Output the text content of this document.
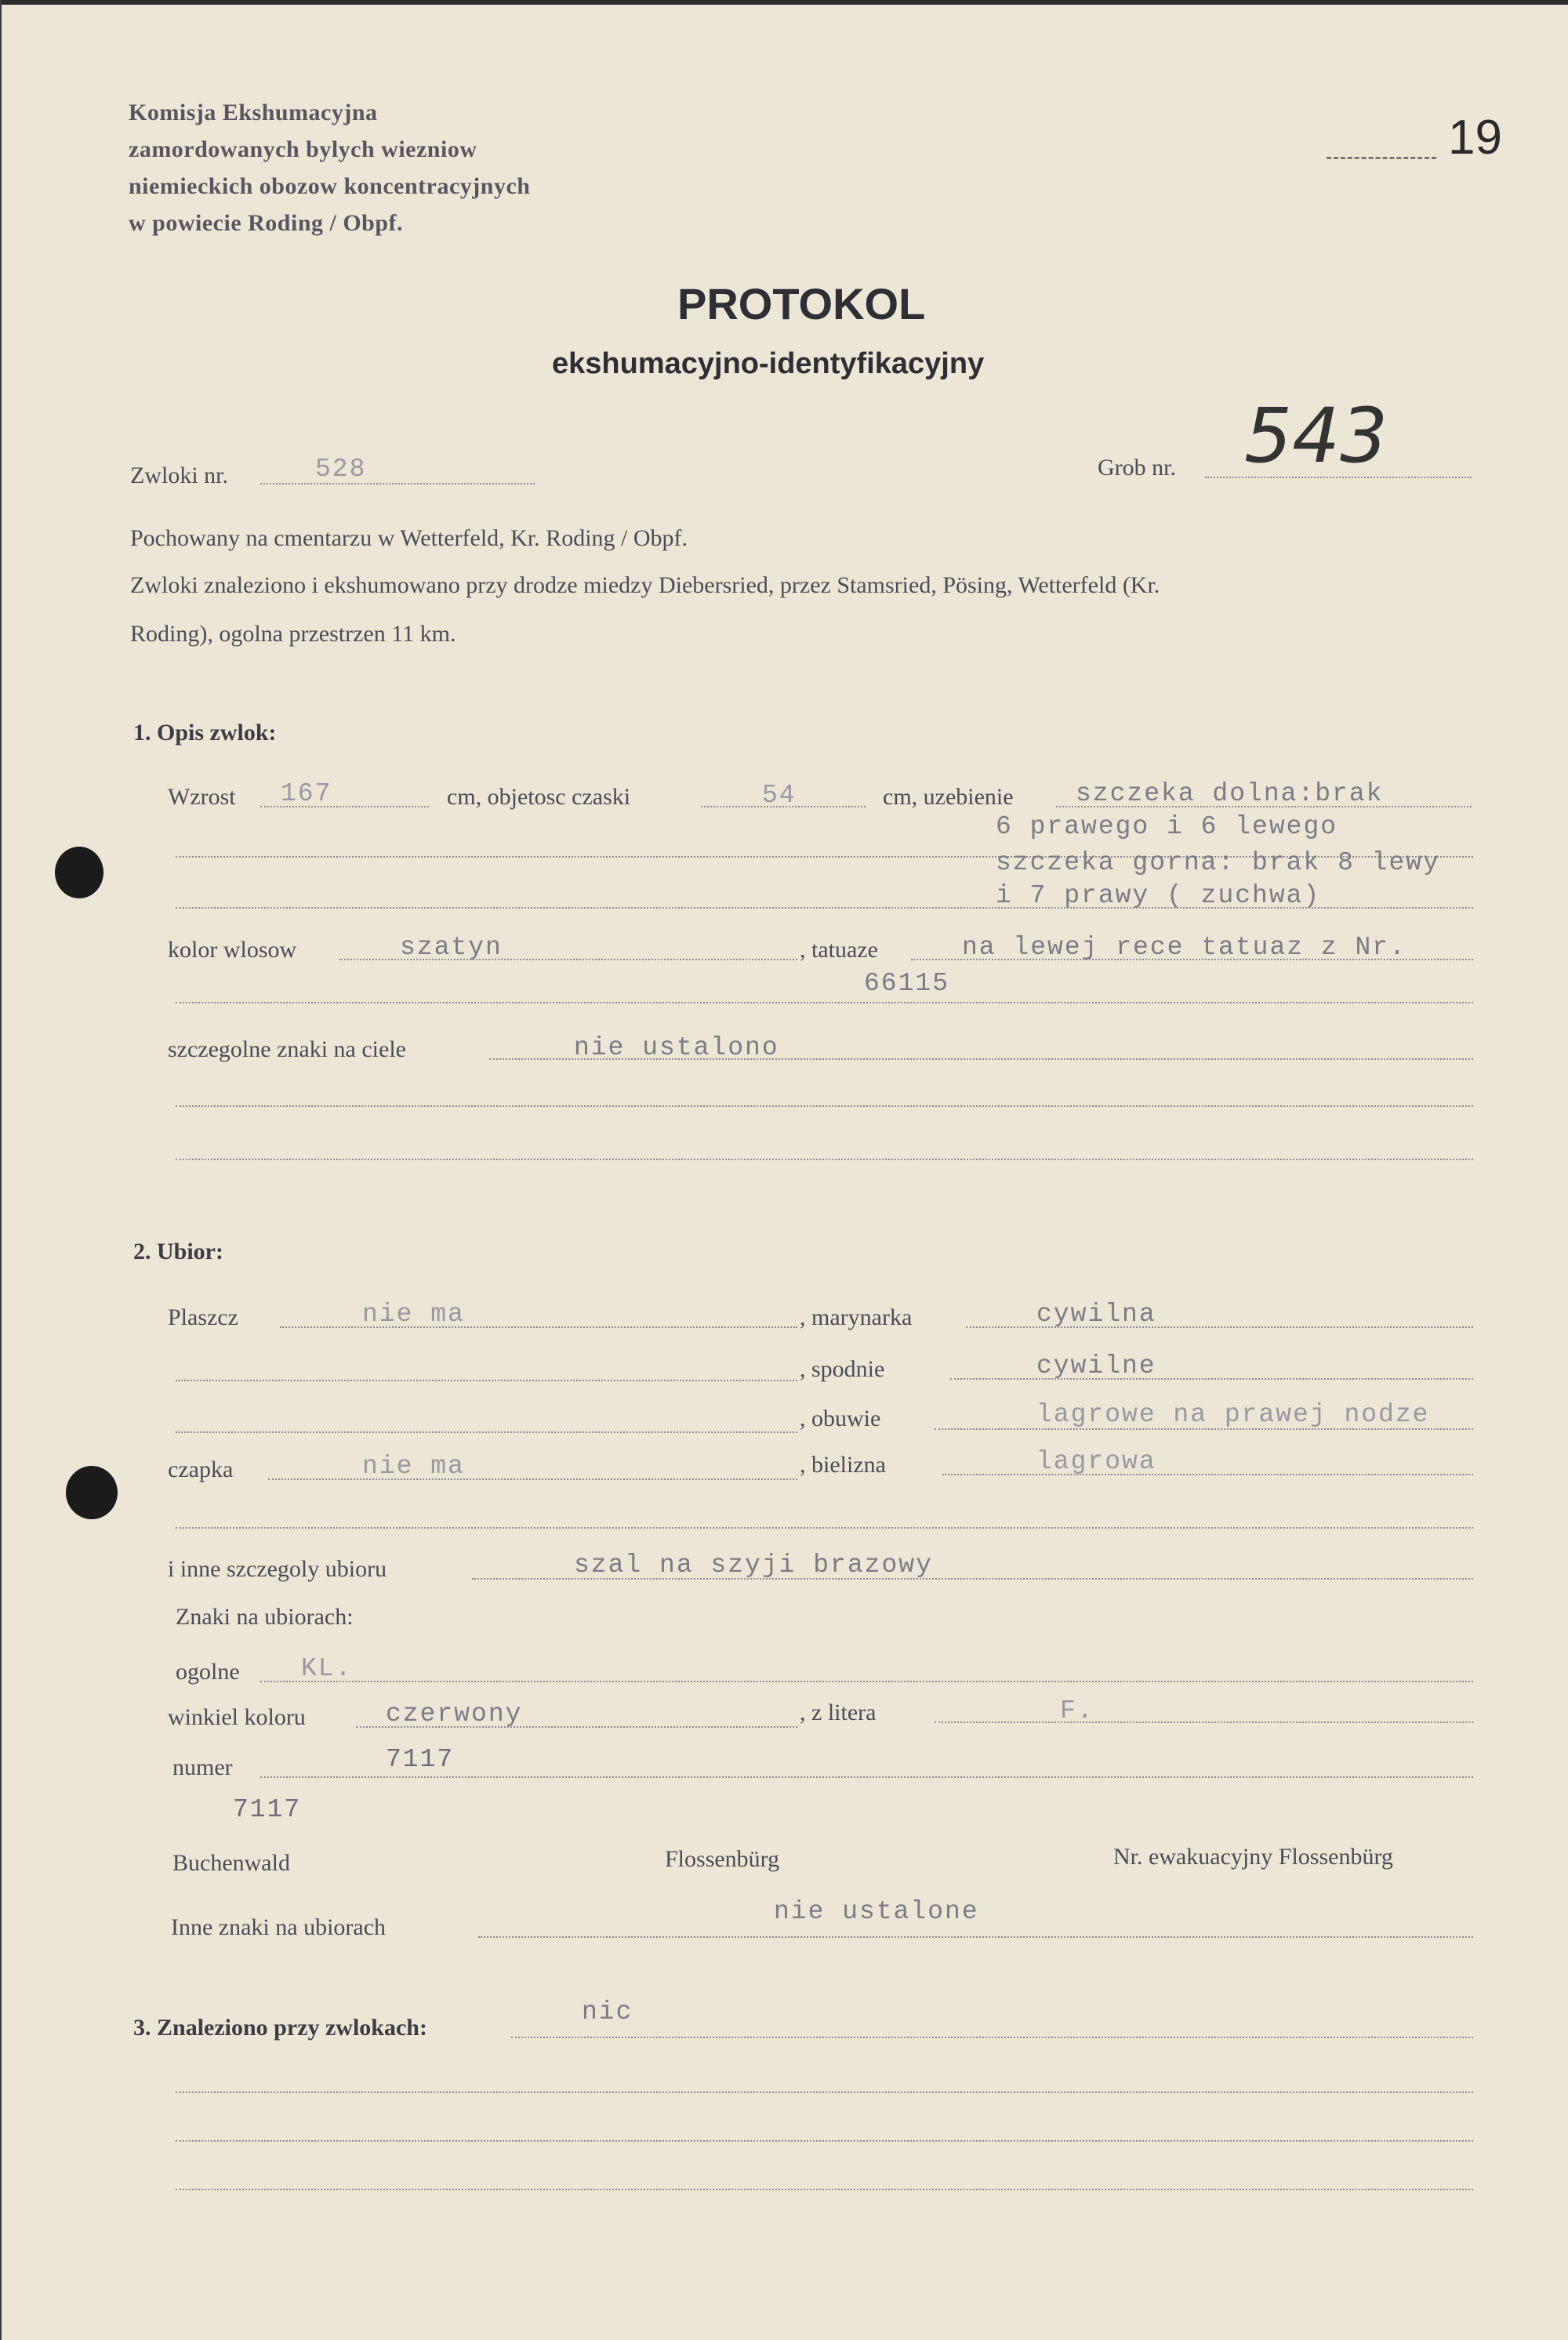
Komisja Ekshumacyjna
zamordowanych bylych wiezniow
niemieckich obozow koncentracyjnych
w powiecie Roding / Obpf.
19
PROTOKOL
ekshumacyjno-identyfikacyjny
Zwloki nr.	528	Grob nr. 543
Pochowany na cmentarzu w Wetterfeld, Kr. Roding / Obpf.
Zwloki znaleziono i ekshumowano przy drodze miedzy Diebersried, przez Stamsried, Pösing, Wetterfeld (Kr.
Roding), ogolna przestrzen 11 km.
1. Opis zwlok:
Wzrost 167	cm, objetosc czaski	54	cm, uzebienie szczeka dolna:brak
6 prawego i 6 lewego
szczeka gorna: brak 8 lewy
i 7 prawy ( zuchwa)
kolor wlosow	szatyn	, tatuaze	na lewej rece tatuaz z Nr.
66115
szczegolne znaki na ciele	nie ustalono
2. Ubior:
Plaszcz	nie ma	, marynarka	cywilna
, spodnie	cywilne
, obuwie	lagrowe na prawej nodze
czapka	nie ma	, bielizna	lagrowa
i inne szczegoly ubioru	szal na szyji brazowy
Znaki na ubiorach:
ogolne KL.
winkiel koloru	czerwony	, z litera	F.
numer	7117
7117
Buchenwald	Flossenbürg	Nr. ewakuacyjny Flossenbürg
Inne znaki na ubiorach
nie ustalone
3. Znaleziono przy zwlokach:
nic
